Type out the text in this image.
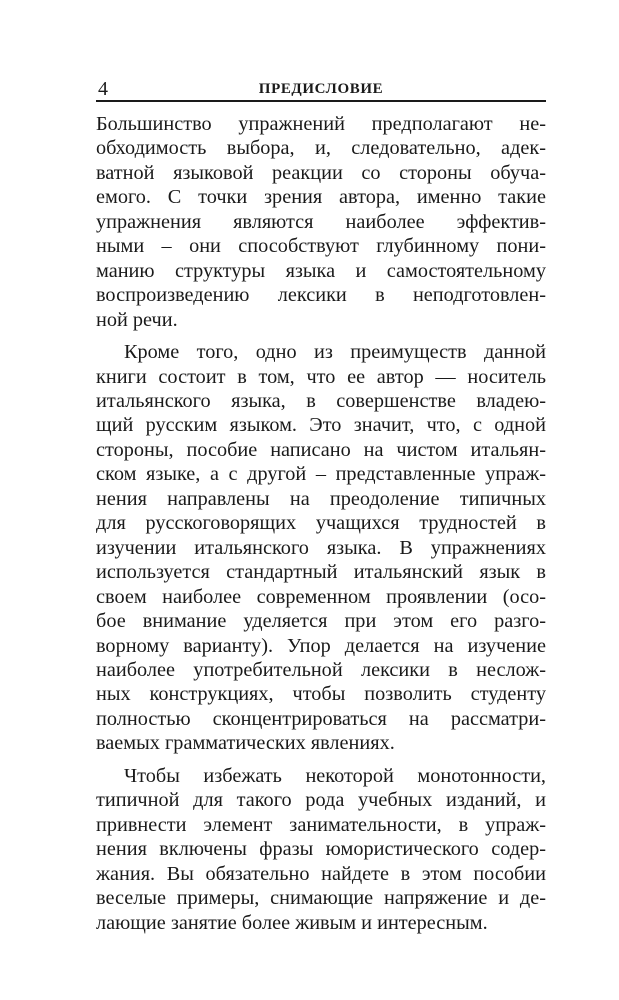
4	ПРЕДИСЛОВИЕ

Большинство упражнений предполагают не-
обходимость выбора, и, следовательно, адек-
ватной языковой реакции со стороны обуча-
емого. С точки зрения автора, именно такие
упражнения являются наиболее эффектив-
ными – они способствуют глубинному пони-
манию структуры языка и самостоятельному
воспроизведению лексики в неподготовлен-
ной речи.

Кроме того, одно из преимуществ данной
книги состоит в том, что ее автор — носитель
итальянского языка, в совершенстве владею-
щий русским языком. Это значит, что, с одной
стороны, пособие написано на чистом итальян-
ском языке, а с другой – представленные упраж-
нения направлены на преодоление типичных
для русскоговорящих учащихся трудностей в
изучении итальянского языка. В упражнениях
используется стандартный итальянский язык в
своем наиболее современном проявлении (осо-
бое внимание уделяется при этом его разго-
ворному варианту). Упор делается на изучение
наиболее употребительной лексики в неслож-
ных конструкциях, чтобы позволить студенту
полностью сконцентрироваться на рассматри-
ваемых грамматических явлениях.

Чтобы избежать некоторой монотонности,
типичной для такого рода учебных изданий, и
привнести элемент занимательности, в упраж-
нения включены фразы юмористического содер-
жания. Вы обязательно найдете в этом пособии
веселые примеры, снимающие напряжение и де-
лающие занятие более живым и интересным.
